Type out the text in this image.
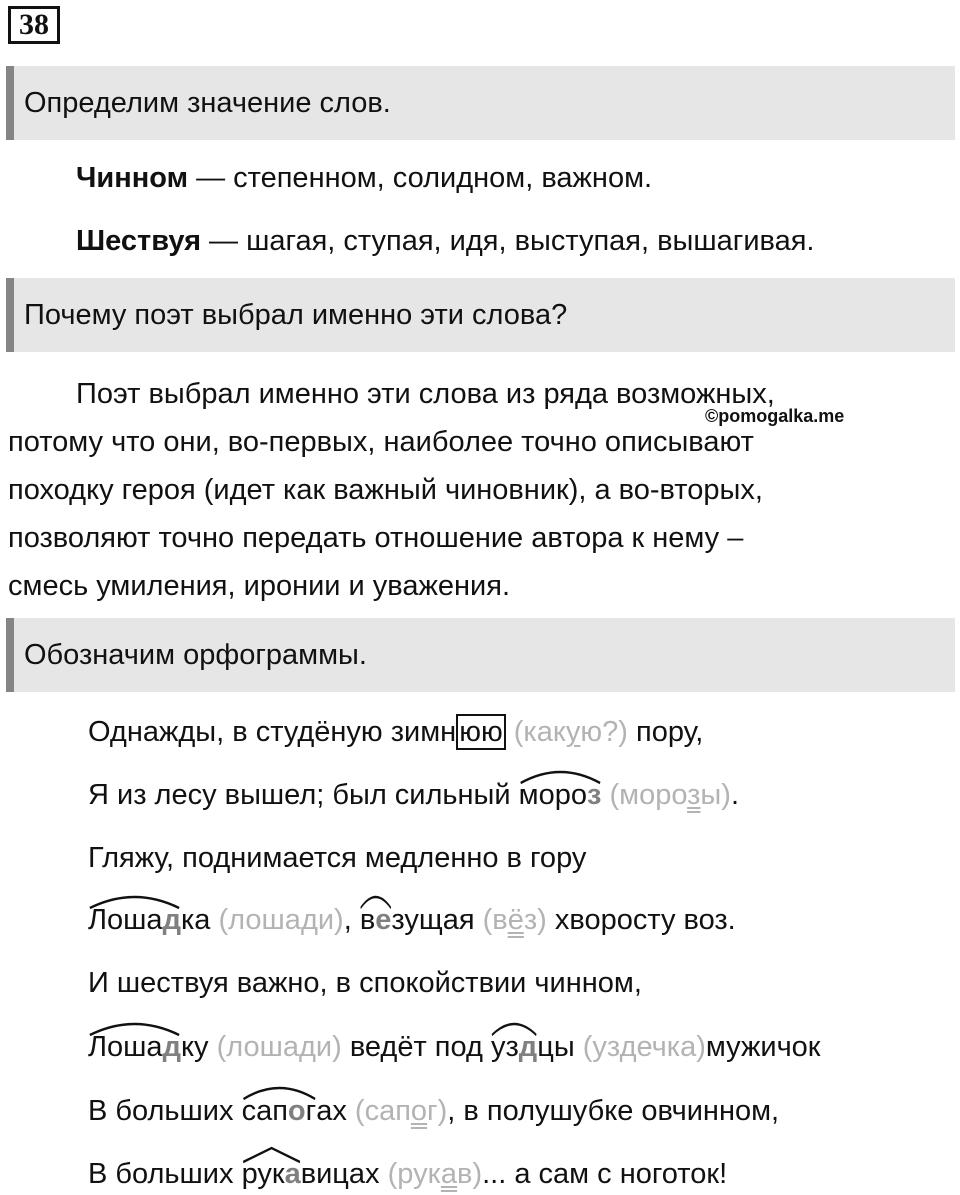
38
Определим значение слов.
Чинном — степенном, солидном, важном.
Шествуя — шагая, ступая, идя, выступая, вышагивая.
Почему поэт выбрал именно эти слова?
Поэт выбрал именно эти слова из ряда возможных,
потому что они, во-первых, наиболее точно описывают
походку героя (идет как важный чиновник), а во-вторых,
позволяют точно передать отношение автора к нему –
смесь умиления, иронии и уважения.
©pomogalka.me
Обозначим орфограммы.
Однажды, в студёную зимн юю (какую?) пору,
Я из лесу вышел; был сильный
мороз (морозы).
Гляжу, поднимается медленно в гору
Лошадка (лошади),
везущая (вёз) хворосту воз.
И шествуя важно, в спокойствии чинном,
Лошадку (лошади) ведёт под
уздцы (уздечка)
В больших
сапогах (сапог), в полушубке овчинном,
В больших
рукавицах (рукав)... а сам с ноготок!
мужичок
